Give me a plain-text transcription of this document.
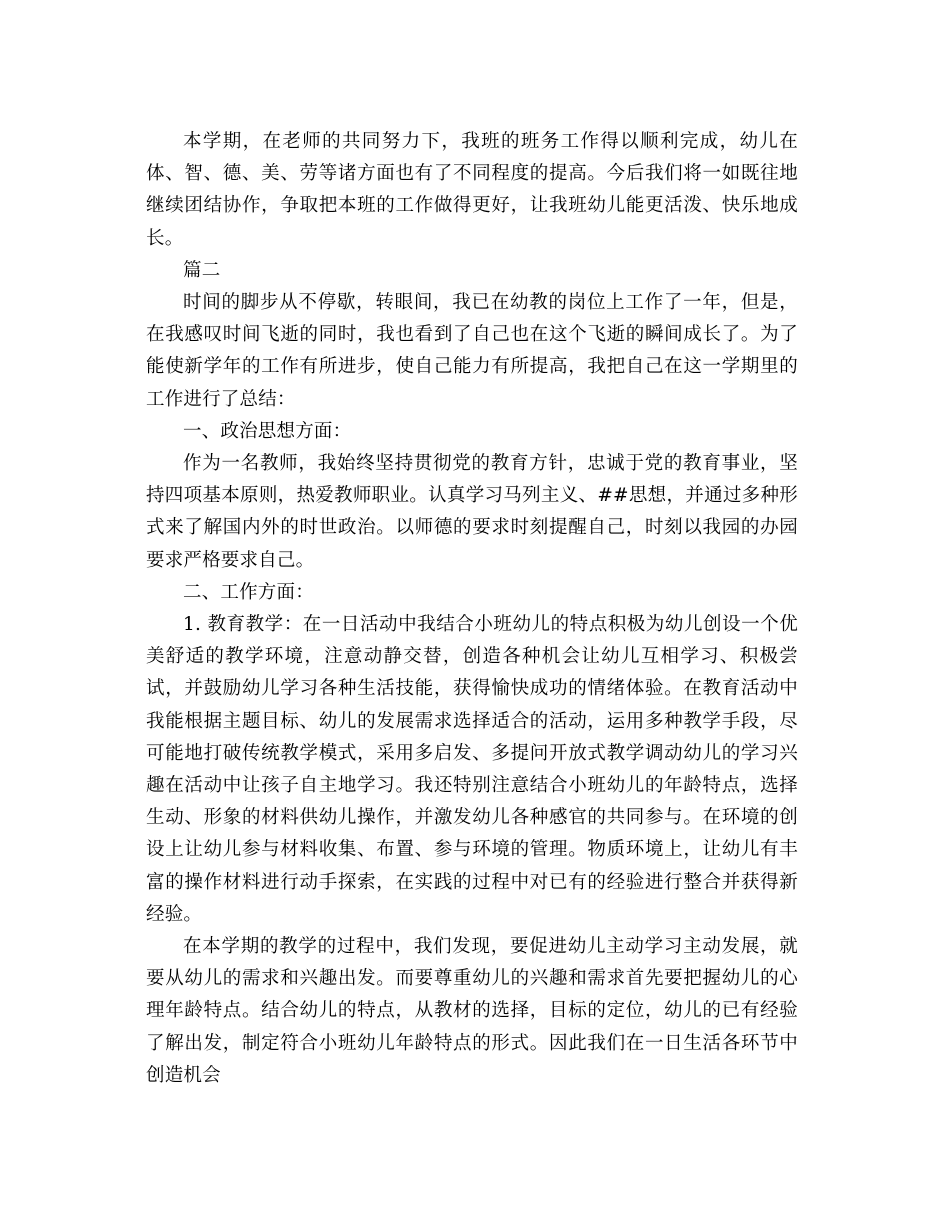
本学期，在老师的共同努力下，我班的班务工作得以顺利完成，幼儿在体、智、德、美、劳等诸方面也有了不同程度的提高。今后我们将一如既往地继续团结协作，争取把本班的工作做得更好，让我班幼儿能更活泼、快乐地成长。

篇二

时间的脚步从不停歇，转眼间，我已在幼教的岗位上工作了一年，但是，在我感叹时间飞逝的同时，我也看到了自己也在这个飞逝的瞬间成长了。为了能使新学年的工作有所进步，使自己能力有所提高，我把自己在这一学期里的工作进行了总结：

一、政治思想方面：

作为一名教师，我始终坚持贯彻党的教育方针，忠诚于党的教育事业，坚持四项基本原则，热爱教师职业。认真学习马列主义、##思想，并通过多种形式来了解国内外的时世政治。以师德的要求时刻提醒自己，时刻以我园的办园要求严格要求自己。

二、工作方面：

1. 教育教学：在一日活动中我结合小班幼儿的特点积极为幼儿创设一个优美舒适的教学环境，注意动静交替，创造各种机会让幼儿互相学习、积极尝试，并鼓励幼儿学习各种生活技能，获得愉快成功的情绪体验。在教育活动中我能根据主题目标、幼儿的发展需求选择适合的活动，运用多种教学手段，尽可能地打破传统教学模式，采用多启发、多提问开放式教学调动幼儿的学习兴趣在活动中让孩子自主地学习。我还特别注意结合小班幼儿的年龄特点，选择生动、形象的材料供幼儿操作，并激发幼儿各种感官的共同参与。在环境的创设上让幼儿参与材料收集、布置、参与环境的管理。物质环境上，让幼儿有丰富的操作材料进行动手探索，在实践的过程中对已有的经验进行整合并获得新经验。

在本学期的教学的过程中，我们发现，要促进幼儿主动学习主动发展，就要从幼儿的需求和兴趣出发。而要尊重幼儿的兴趣和需求首先要把握幼儿的心理年龄特点。结合幼儿的特点，从教材的选择，目标的定位，幼儿的已有经验了解出发，制定符合小班幼儿年龄特点的形式。因此我们在一日生活各环节中创造机会
